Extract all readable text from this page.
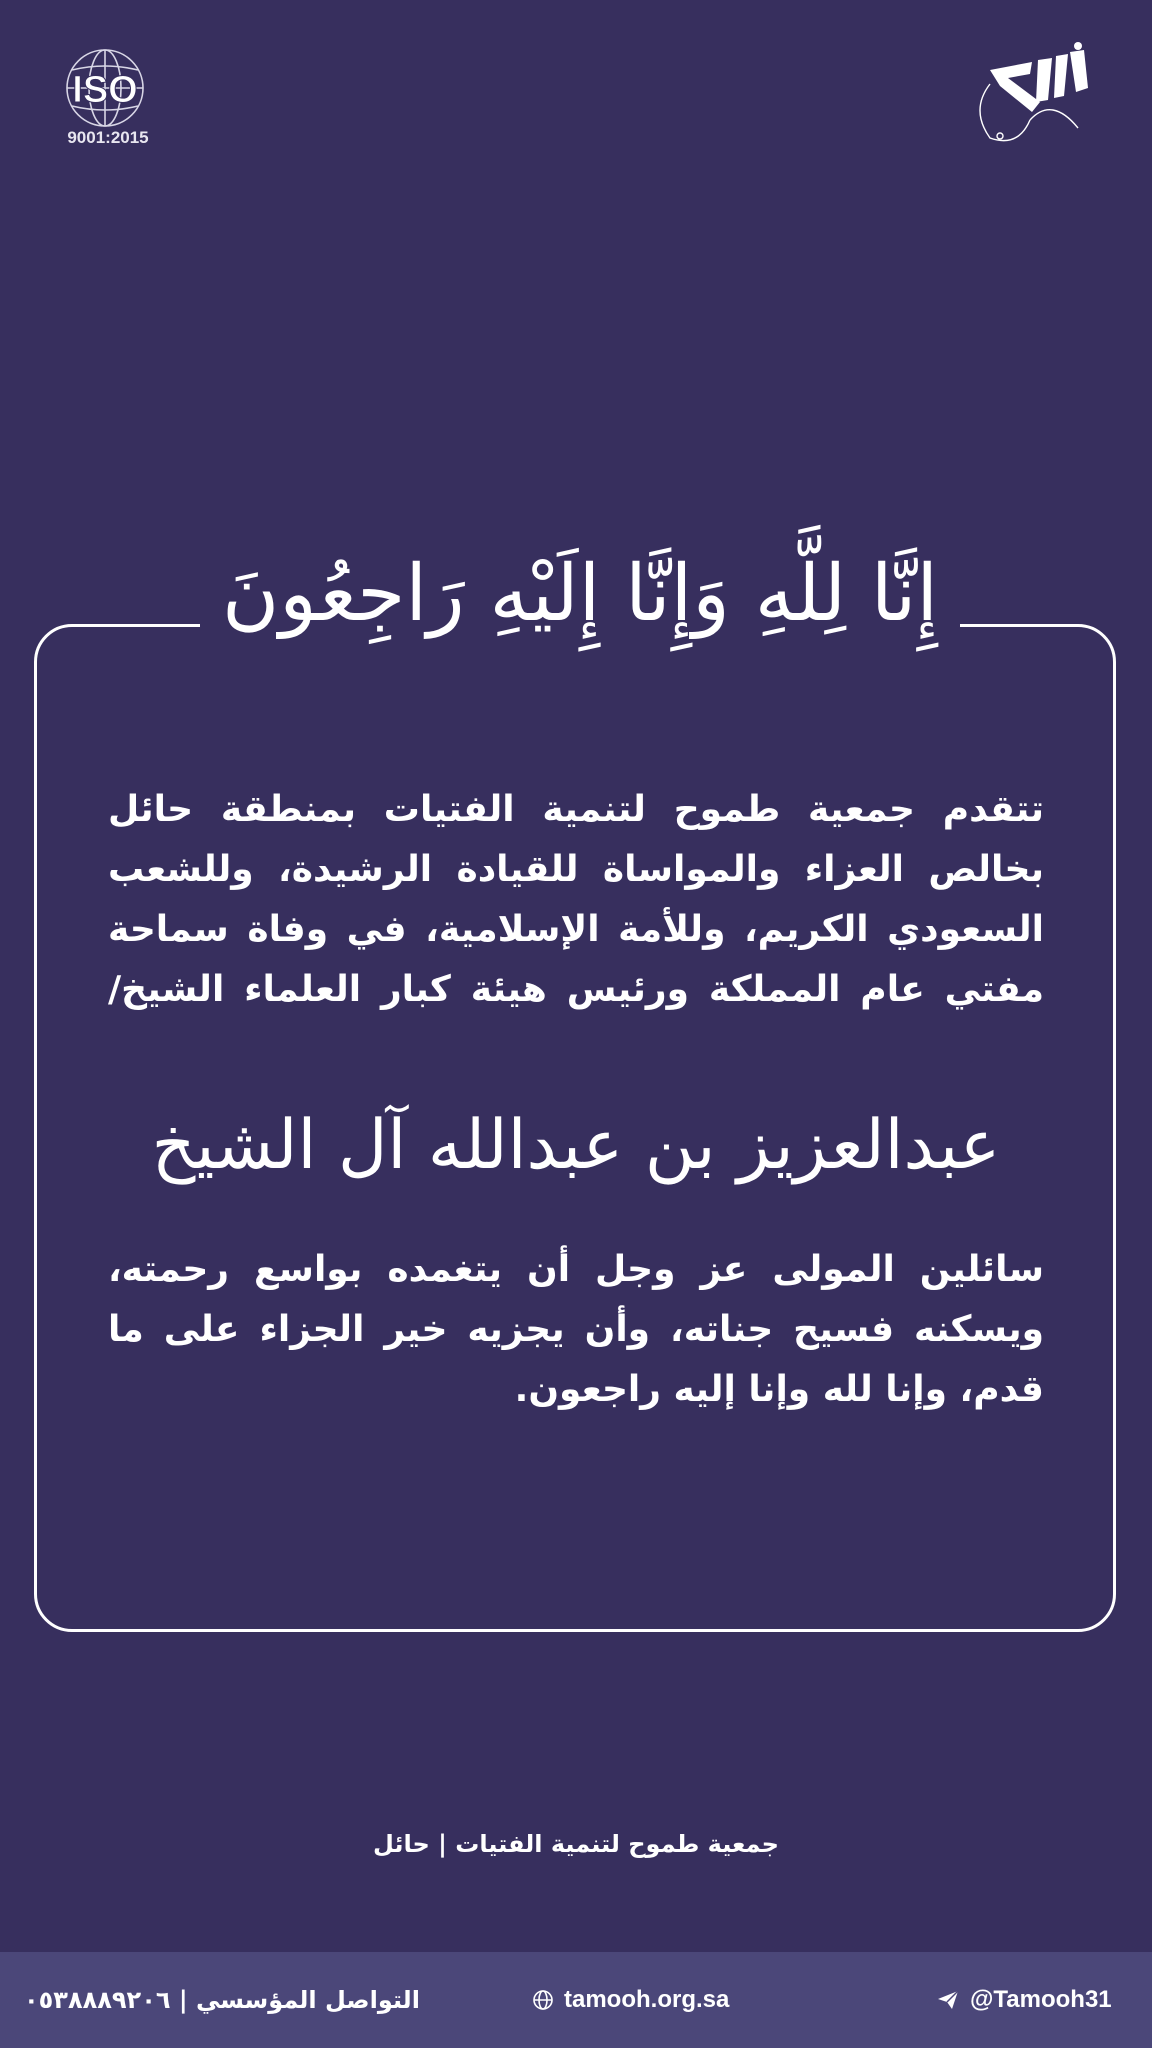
ISO
9001:2015
إِنَّا لِلَّهِ وَإِنَّا إِلَيْهِ رَاجِعُونَ
تتقدم جمعية طموح لتنمية الفتيات بمنطقة حائل بخالص العزاء والمواساة للقيادة الرشيدة، وللشعب السعودي الكريم، وللأمة الإسلامية، في وفاة سماحة مفتي عام المملكة ورئيس هيئة كبار العلماء الشيخ/
عبدالعزيز بن عبدالله آل الشيخ
سائلين المولى عز وجل أن يتغمده بواسع رحمته، ويسكنه فسيح جناته، وأن يجزيه خير الجزاء على ما قدم، وإنا لله وإنا إليه راجعون.
جمعية طموح لتنمية الفتيات | حائل
التواصل المؤسسي | ٠٥٣٨٨٨٩٢٠٦	tamooh.org.sa	@Tamooh31
